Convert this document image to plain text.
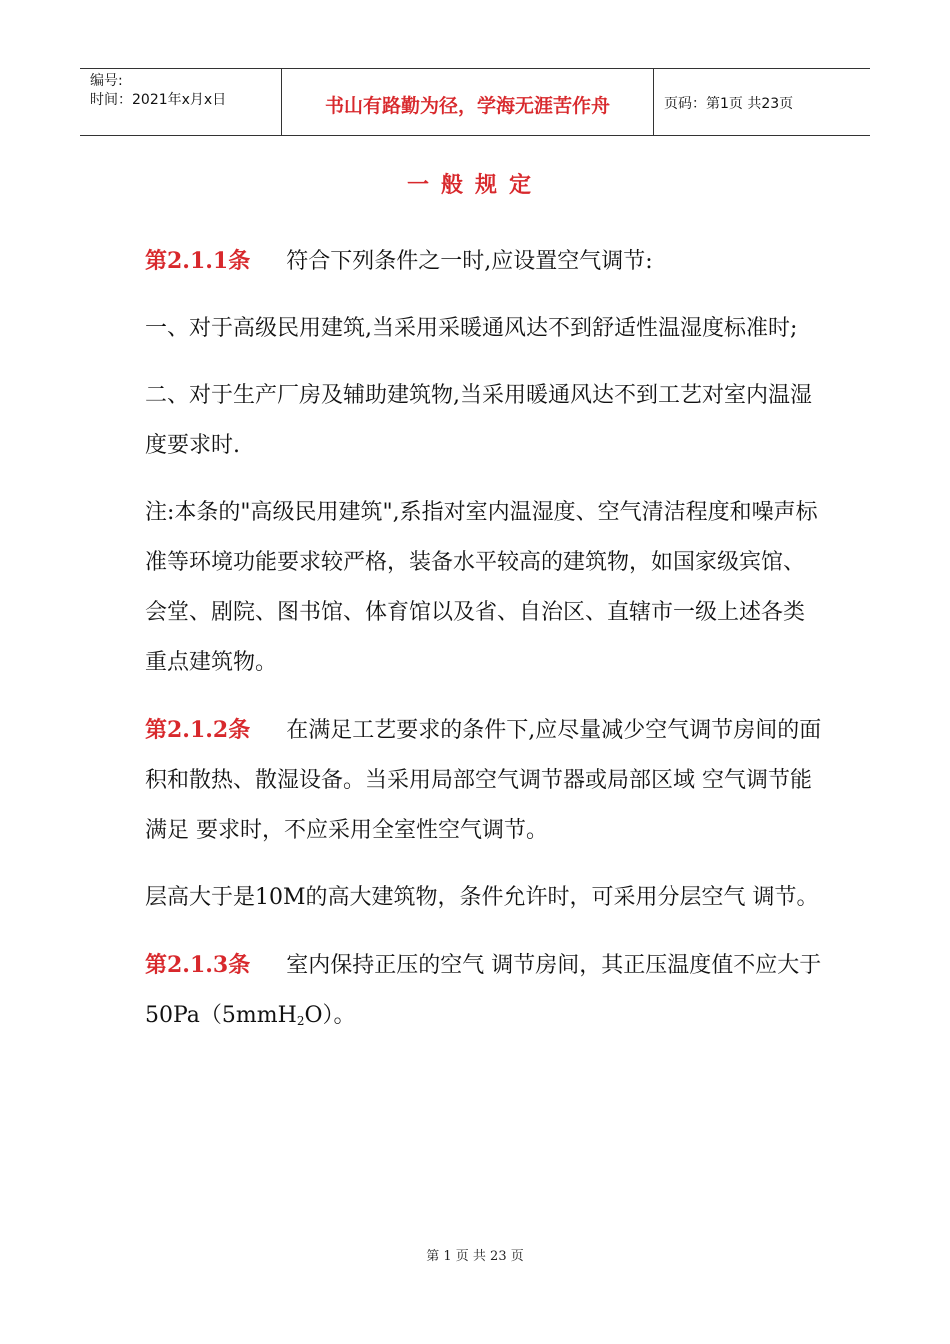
编号:
时间：2021年x月x日	书山有路勤为径，学海无涯苦作舟	页码：第1页 共23页
一般规定

第2.1.1条 符合下列条件之一时,应设置空气调节:

一、对于高级民用建筑,当采用采暖通风达不到舒适性温湿度标准时;

二、对于生产厂房及辅助建筑物,当采用暖通风达不到工艺对室内温湿度要求时.

注:本条的"高级民用建筑",系指对室内温湿度、空气清洁程度和噪声标准等环境功能要求较严格，装备水平较高的建筑物，如国家级宾馆、会堂、剧院、图书馆、体育馆以及省、自治区、直辖市一级上述各类重点建筑物。

第2.1.2条 在满足工艺要求的条件下,应尽量减少空气调节房间的面积和散热、散湿设备。当采用局部空气调节器或局部区域 空气调节能满足 要求时，不应采用全室性空气调节。

层高大于是10M的高大建筑物，条件允许时，可采用分层空气 调节。

第2.1.3条 室内保持正压的空气 调节房间，其正压温度值不应大于50Pa（5mmH$_2$O）。

第 1 页 共 23 页
